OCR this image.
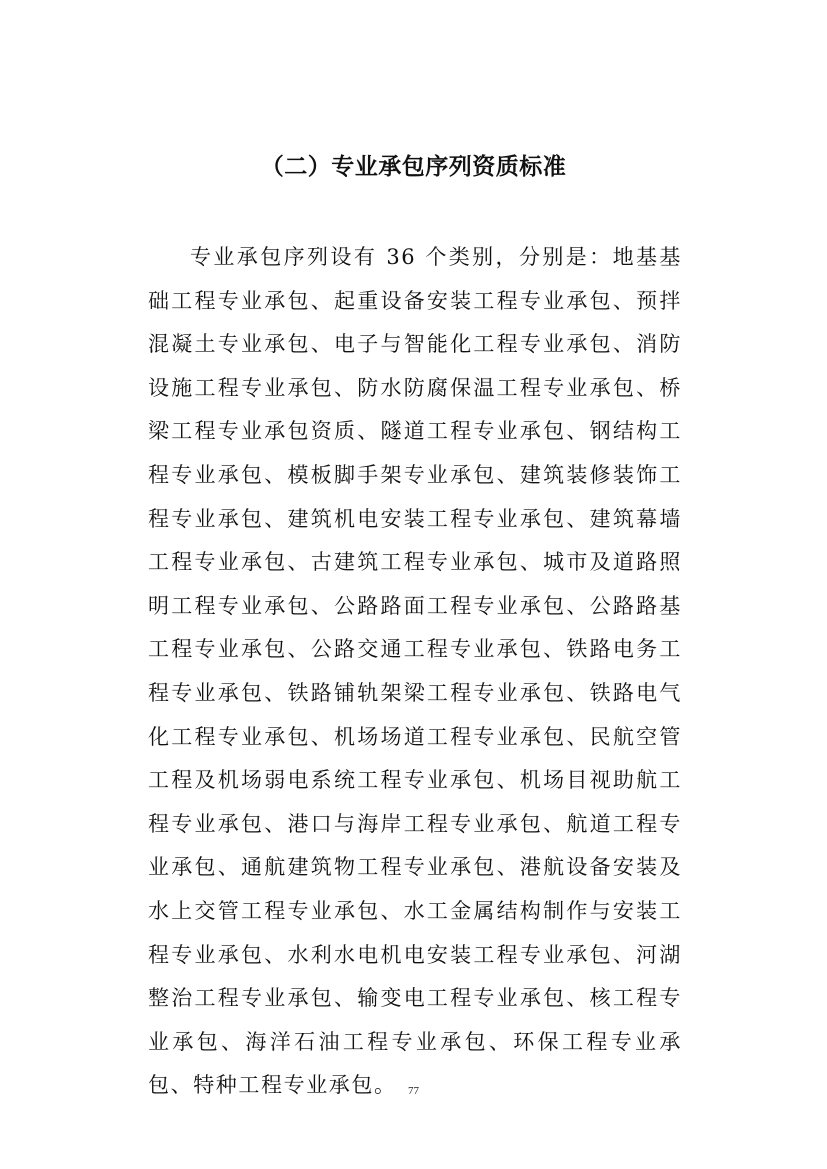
（二）专业承包序列资质标准

专业承包序列设有 36 个类别，分别是：地基基础工程专业承包、起重设备安装工程专业承包、预拌混凝土专业承包、电子与智能化工程专业承包、消防设施工程专业承包、防水防腐保温工程专业承包、桥梁工程专业承包资质、隧道工程专业承包、钢结构工程专业承包、模板脚手架专业承包、建筑装修装饰工程专业承包、建筑机电安装工程专业承包、建筑幕墙工程专业承包、古建筑工程专业承包、城市及道路照明工程专业承包、公路路面工程专业承包、公路路基工程专业承包、公路交通工程专业承包、铁路电务工程专业承包、铁路铺轨架梁工程专业承包、铁路电气化工程专业承包、机场场道工程专业承包、民航空管工程及机场弱电系统工程专业承包、机场目视助航工程专业承包、港口与海岸工程专业承包、航道工程专业承包、通航建筑物工程专业承包、港航设备安装及水上交管工程专业承包、水工金属结构制作与安装工程专业承包、水利水电机电安装工程专业承包、河湖整治工程专业承包、输变电工程专业承包、核工程专业承包、海洋石油工程专业承包、环保工程专业承包、特种工程专业承包。	77
